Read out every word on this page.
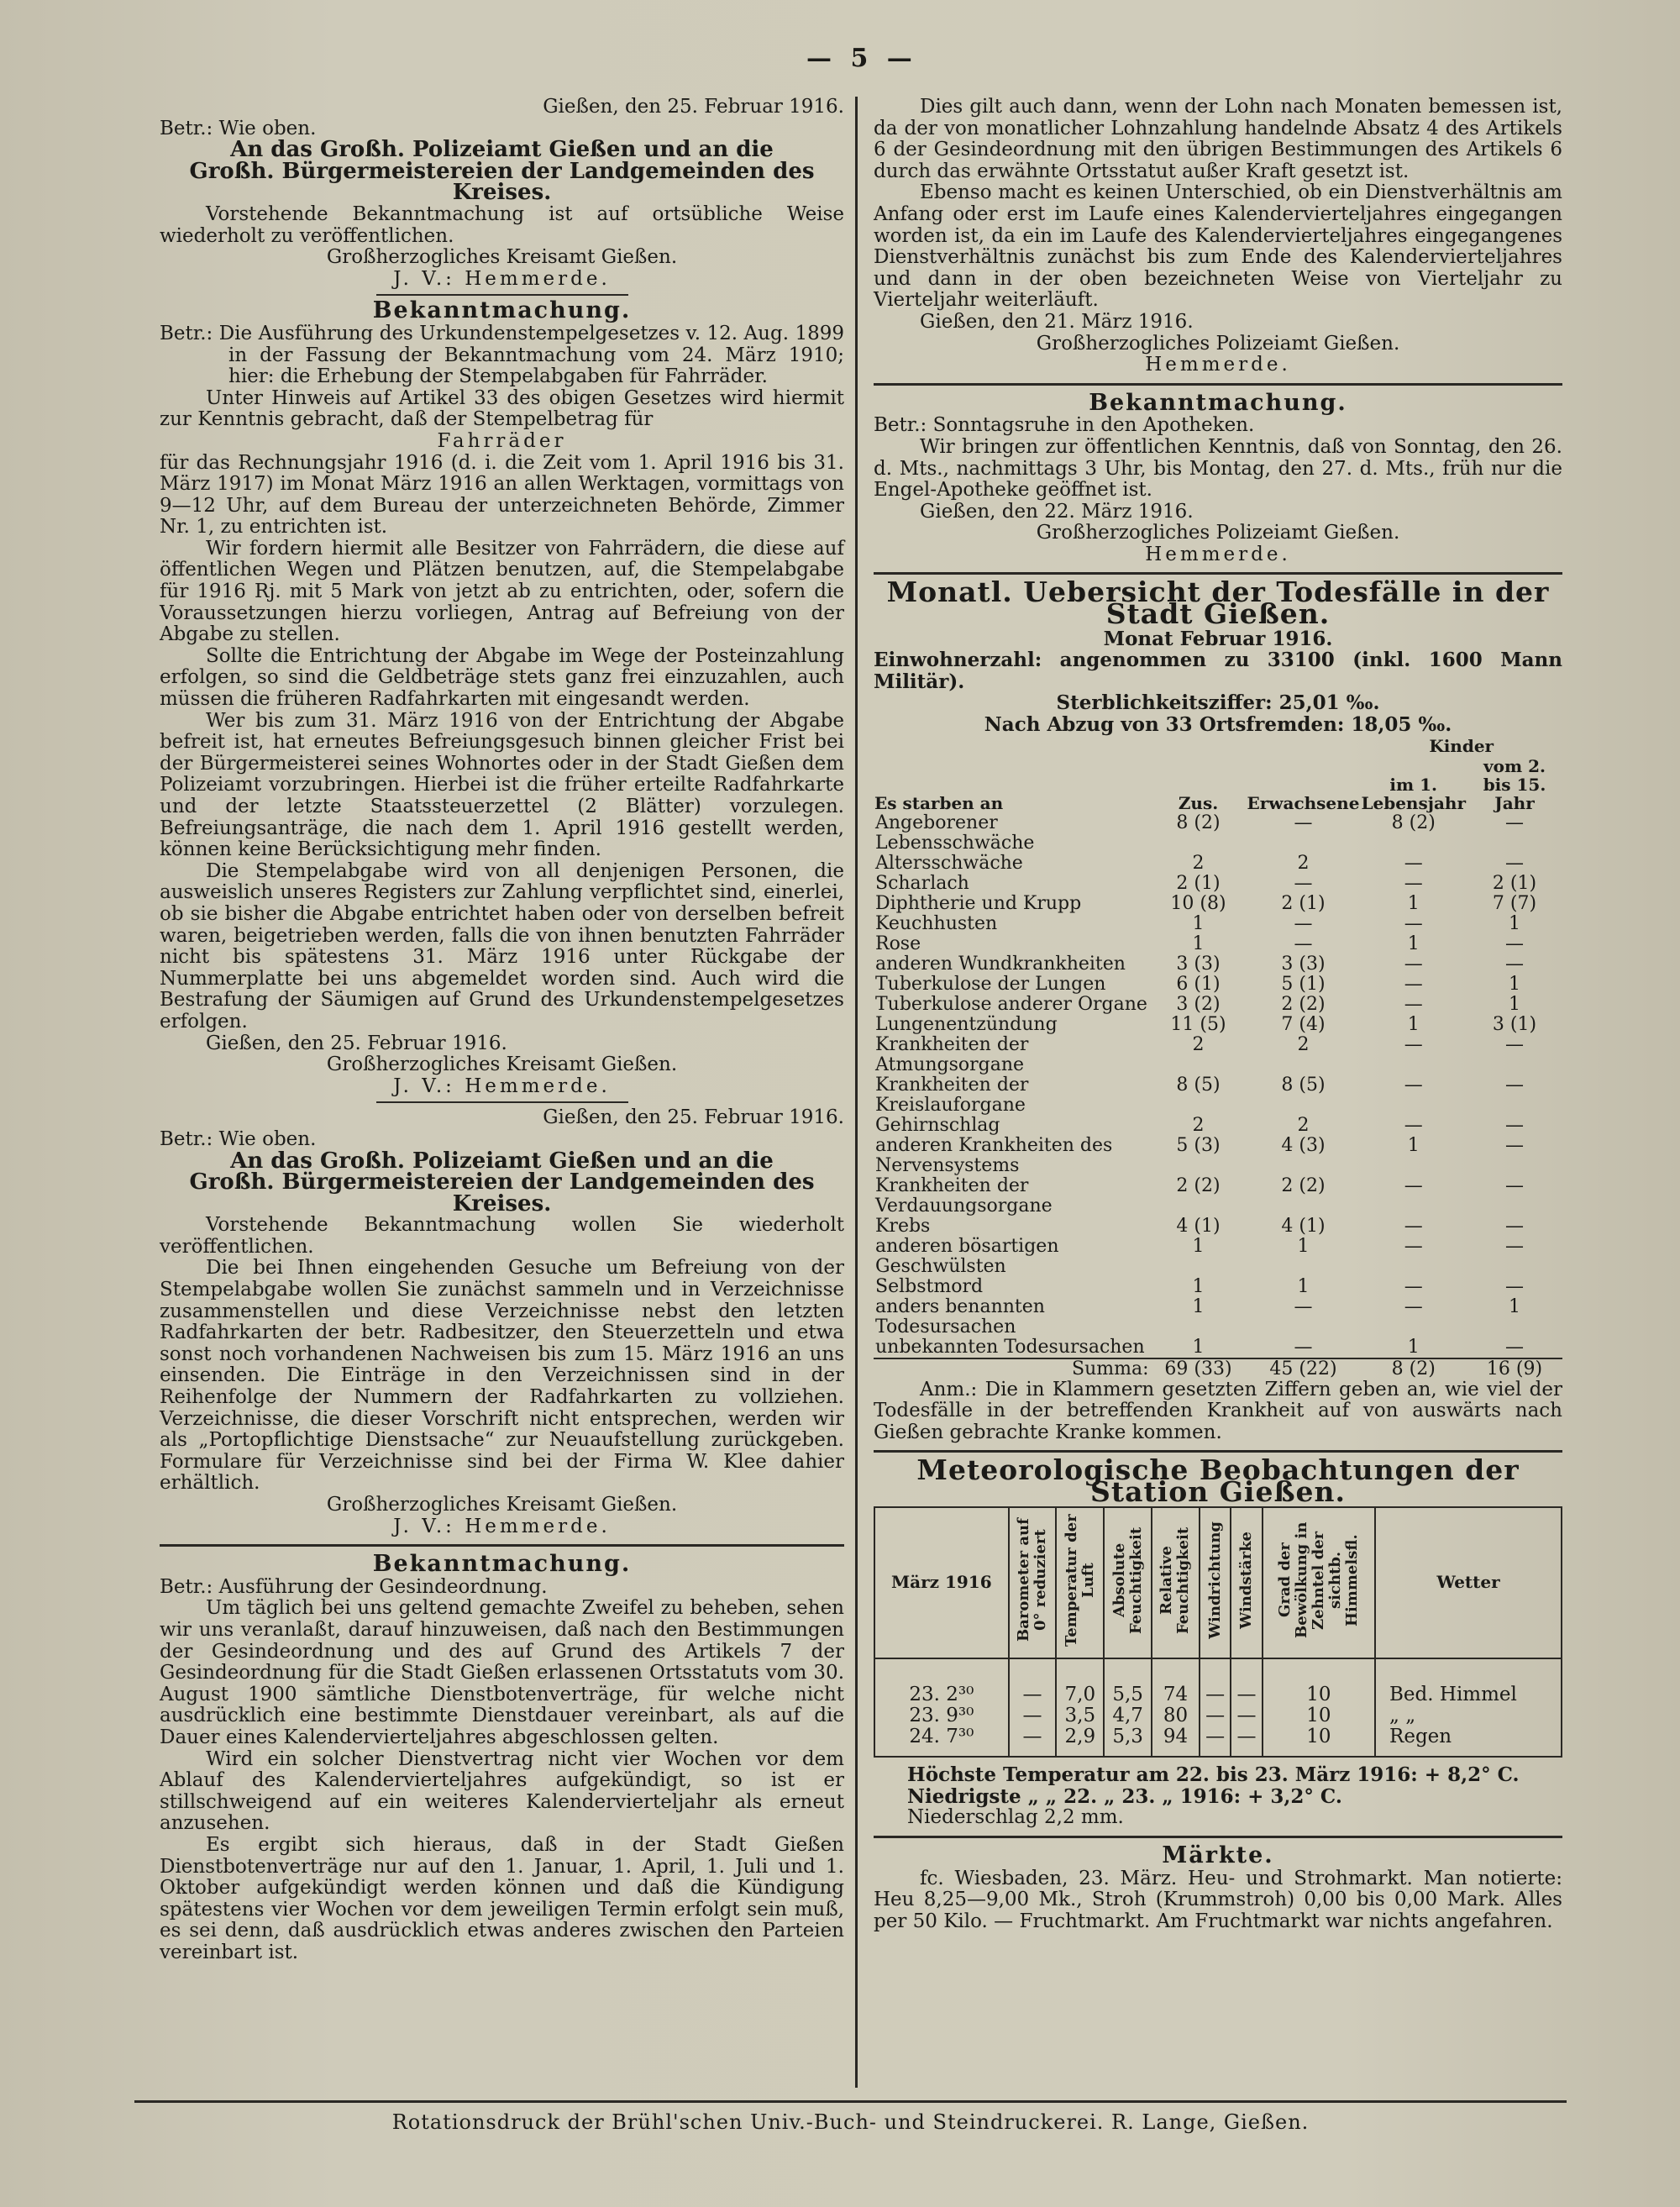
— 5 —

Gießen, den 25. Februar 1916.

Betr.: Wie oben.

An das Großh. Polizeiamt Gießen und an die

Großh. Bürgermeistereien der Landgemeinden des Kreises.

Vorstehende Bekanntmachung ist auf ortsübliche Weise wiederholt zu veröffentlichen.

Großherzogliches Kreisamt Gießen.

J. V.: Hemmerde.

Bekanntmachung.

Betr.: Die Ausführung des Urkundenstempelgesetzes v. 12. Aug. 1899 in der Fassung der Bekanntmachung vom 24. März 1910; hier: die Erhebung der Stempelabgaben für Fahrräder.

Unter Hinweis auf Artikel 33 des obigen Gesetzes wird hiermit zur Kenntnis gebracht, daß der Stempelbetrag für

Fahrräder

für das Rechnungsjahr 1916 (d. i. die Zeit vom 1. April 1916 bis 31. März 1917) im Monat März 1916 an allen Werktagen, vormittags von 9—12 Uhr, auf dem Bureau der unterzeichneten Behörde, Zimmer Nr. 1, zu entrichten ist.

Wir fordern hiermit alle Besitzer von Fahrrädern, die diese auf öffentlichen Wegen und Plätzen benutzen, auf, die Stempelabgabe für 1916 Rj. mit 5 Mark von jetzt ab zu entrichten, oder, sofern die Voraussetzungen hierzu vorliegen, Antrag auf Befreiung von der Abgabe zu stellen.

Sollte die Entrichtung der Abgabe im Wege der Posteinzahlung erfolgen, so sind die Geldbeträge stets ganz frei einzuzahlen, auch müssen die früheren Radfahrkarten mit eingesandt werden.

Wer bis zum 31. März 1916 von der Entrichtung der Abgabe befreit ist, hat erneutes Befreiungsgesuch binnen gleicher Frist bei der Bürgermeisterei seines Wohnortes oder in der Stadt Gießen dem Polizeiamt vorzubringen. Hierbei ist die früher erteilte Radfahrkarte und der letzte Staatssteuerzettel (2 Blätter) vorzulegen. Befreiungsanträge, die nach dem 1. April 1916 gestellt werden, können keine Berücksichtigung mehr finden.

Die Stempelabgabe wird von all denjenigen Personen, die ausweislich unseres Registers zur Zahlung verpflichtet sind, einerlei, ob sie bisher die Abgabe entrichtet haben oder von derselben befreit waren, beigetrieben werden, falls die von ihnen benutzten Fahrräder nicht bis spätestens 31. März 1916 unter Rückgabe der Nummerplatte bei uns abgemeldet worden sind. Auch wird die Bestrafung der Säumigen auf Grund des Urkundenstempelgesetzes erfolgen.

Gießen, den 25. Februar 1916.

Großherzogliches Kreisamt Gießen.

J. V.: Hemmerde.

Gießen, den 25. Februar 1916.

Betr.: Wie oben.

An das Großh. Polizeiamt Gießen und an die

Großh. Bürgermeistereien der Landgemeinden des Kreises.

Vorstehende Bekanntmachung wollen Sie wiederholt veröffentlichen.

Die bei Ihnen eingehenden Gesuche um Befreiung von der Stempelabgabe wollen Sie zunächst sammeln und in Verzeichnisse zusammenstellen und diese Verzeichnisse nebst den letzten Radfahrkarten der betr. Radbesitzer, den Steuerzetteln und etwa sonst noch vorhandenen Nachweisen bis zum 15. März 1916 an uns einsenden. Die Einträge in den Verzeichnissen sind in der Reihenfolge der Nummern der Radfahrkarten zu vollziehen. Verzeichnisse, die dieser Vorschrift nicht entsprechen, werden wir als „Portopflichtige Dienstsache“ zur Neuaufstellung zurückgeben. Formulare für Verzeichnisse sind bei der Firma W. Klee dahier erhältlich.

Großherzogliches Kreisamt Gießen.

J. V.: Hemmerde.

Bekanntmachung.

Betr.: Ausführung der Gesindeordnung.

Um täglich bei uns geltend gemachte Zweifel zu beheben, sehen wir uns veranlaßt, darauf hinzuweisen, daß nach den Bestimmungen der Gesindeordnung und des auf Grund des Artikels 7 der Gesindeordnung für die Stadt Gießen erlassenen Ortsstatuts vom 30. August 1900 sämtliche Dienstbotenverträge, für welche nicht ausdrücklich eine bestimmte Dienstdauer vereinbart, als auf die Dauer eines Kalendervierteljahres abgeschlossen gelten.

Wird ein solcher Dienstvertrag nicht vier Wochen vor dem Ablauf des Kalendervierteljahres aufgekündigt, so ist er stillschweigend auf ein weiteres Kalendervierteljahr als erneut anzusehen.

Es ergibt sich hieraus, daß in der Stadt Gießen Dienstbotenverträge nur auf den 1. Januar, 1. April, 1. Juli und 1. Oktober aufgekündigt werden können und daß die Kündigung spätestens vier Wochen vor dem jeweiligen Termin erfolgt sein muß, es sei denn, daß ausdrücklich etwas anderes zwischen den Parteien vereinbart ist.

Dies gilt auch dann, wenn der Lohn nach Monaten bemessen ist, da der von monatlicher Lohnzahlung handelnde Absatz 4 des Artikels 6 der Gesindeordnung mit den übrigen Bestimmungen des Artikels 6 durch das erwähnte Ortsstatut außer Kraft gesetzt ist.

Ebenso macht es keinen Unterschied, ob ein Dienstverhältnis am Anfang oder erst im Laufe eines Kalendervierteljahres eingegangen worden ist, da ein im Laufe des Kalendervierteljahres eingegangenes Dienstverhältnis zunächst bis zum Ende des Kalendervierteljahres und dann in der oben bezeichneten Weise von Vierteljahr zu Vierteljahr weiterläuft.

Gießen, den 21. März 1916.

Großherzogliches Polizeiamt Gießen.

Hemmerde.

Bekanntmachung.

Betr.: Sonntagsruhe in den Apotheken.

Wir bringen zur öffentlichen Kenntnis, daß von Sonntag, den 26. d. Mts., nachmittags 3 Uhr, bis Montag, den 27. d. Mts., früh nur die Engel-Apotheke geöffnet ist.

Gießen, den 22. März 1916.

Großherzogliches Polizeiamt Gießen.

Hemmerde.

Monatl. Uebersicht der Todesfälle in der Stadt Gießen.

Monat Februar 1916.

Einwohnerzahl: angenommen zu 33100 (inkl. 1600 Mann Militär).

Sterblichkeitsziffer: 25,01 ‰.

Nach Abzug von 33 Ortsfremden: 18,05 ‰.

Es starben an	Zus.	Erwachsene	Kinder	
			im 1. Lebensjahr	vom 2. bis 15. Jahr
Angeborener Lebensschwäche	8 (2)	—	8 (2)	—
Altersschwäche	2	2	—	—
Scharlach	2 (1)	—	—	2 (1)
Diphtherie und Krupp	10 (8)	2 (1)	1	7 (7)
Keuchhusten	1	—	—	1
Rose	1	—	1	—
anderen Wundkrankheiten	3 (3)	3 (3)	—	—
Tuberkulose der Lungen	6 (1)	5 (1)	—	1
Tuberkulose anderer Organe	3 (2)	2 (2)	—	1
Lungenentzündung	11 (5)	7 (4)	1	3 (1)
Krankheiten der Atmungsorgane	2	2	—	—
Krankheiten der Kreislauforgane	8 (5)	8 (5)	—	—
Gehirnschlag	2	2	—	—
anderen Krankheiten des Nervensystems	5 (3)	4 (3)	1	—
Krankheiten der Verdauungsorgane	2 (2)	2 (2)	—	—
Krebs	4 (1)	4 (1)	—	—
anderen bösartigen Geschwülsten	1	1	—	—
Selbstmord	1	1	—	—
anders benannten Todesursachen	1	—	—	1
unbekannten Todesursachen	1	—	1	—
Summa:	69 (33)	45 (22)	8 (2)	16 (9)

Anm.: Die in Klammern gesetzten Ziffern geben an, wie viel der Todesfälle in der betreffenden Krankheit auf von auswärts nach Gießen gebrachte Kranke kommen.

Meteorologische Beobachtungen der Station Gießen.
März 1916	Barometer auf 0° reduziert	Temperatur der Luft	Absolute Feuchtigkeit	Relative Feuchtigkeit	Windrichtung	Windstärke	Grad der Bewölkung in Zehntel der sichtb. Himmelsfl.	Wetter
23. 2³⁰	—	7,0	5,5	74	—	—	10	Bed. Himmel
23. 9³⁰	—	3,5	4,7	80	—	—	10	„ „
24. 7³⁰	—	2,9	5,3	94	—	—	10	Regen

Höchste Temperatur am 22. bis 23. März 1916: + 8,2° C.

Niedrigste „ „ 22. „ 23. „ 1916: + 3,2° C.

Niederschlag 2,2 mm.

Märkte.

fc. Wiesbaden, 23. März. Heu- und Strohmarkt. Man notierte: Heu 8,25—9,00 Mk., Stroh (Krummstroh) 0,00 bis 0,00 Mark. Alles per 50 Kilo. — Fruchtmarkt. Am Fruchtmarkt war nichts angefahren.

Rotationsdruck der Brühl'schen Univ.-Buch- und Steindruckerei. R. Lange, Gießen.
